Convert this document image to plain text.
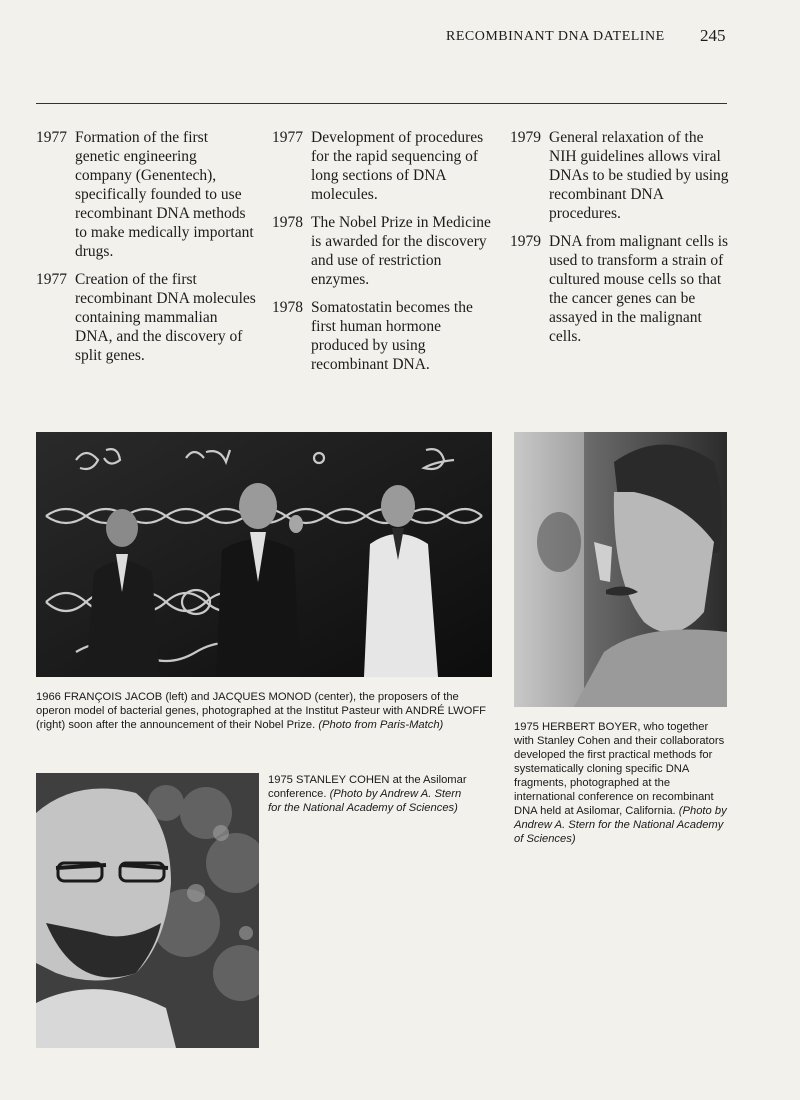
RECOMBINANT DNA DATELINE 245
1977 Formation of the first genetic engineering company (Genentech), specifically founded to use recombinant DNA methods to make medically important drugs.
1977 Creation of the first recombinant DNA molecules containing mammalian DNA, and the discovery of split genes.
1977 Development of procedures for the rapid sequencing of long sections of DNA molecules.
1978 The Nobel Prize in Medicine is awarded for the discovery and use of restriction enzymes.
1978 Somatostatin becomes the first human hormone produced by using recombinant DNA.
1979 General relaxation of the NIH guidelines allows viral DNAs to be studied by using recombinant DNA procedures.
1979 DNA from malignant cells is used to transform a strain of cultured mouse cells so that the cancer genes can be assayed in the malignant cells.
1966 FRANÇOIS JACOB (left) and JACQUES MONOD (center), the proposers of the operon model of bacterial genes, photographed at the Institut Pasteur with ANDRÉ LWOFF (right) soon after the announcement of their Nobel Prize. (Photo from Paris-Match)	1975 HERBERT BOYER, who together with Stanley Cohen and their collaborators developed the first practical methods for systematically cloning specific DNA fragments, photographed at the international conference on recombinant DNA held at Asilomar, California. (Photo by Andrew A. Stern for the National Academy of Sciences)
1975 STANLEY COHEN at the Asilomar conference. (Photo by Andrew A. Stern for the National Academy of Sciences)
